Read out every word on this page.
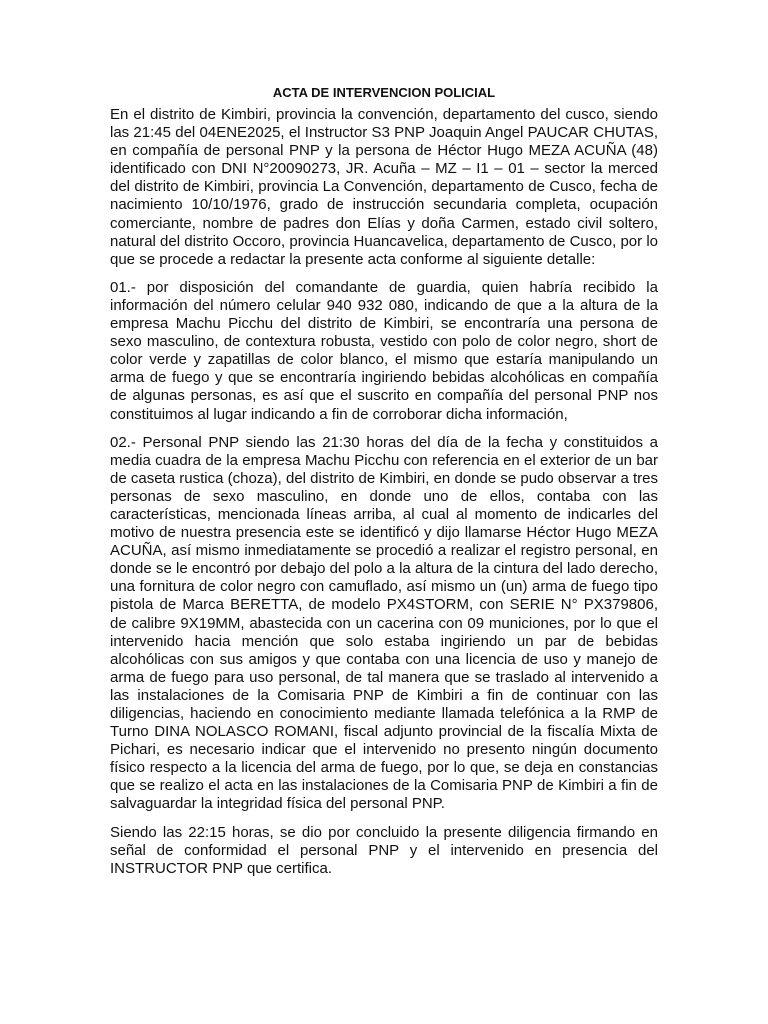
ACTA DE INTERVENCION POLICIAL

En el distrito de Kimbiri, provincia la convención, departamento del cusco, siendo las 21:45 del 04ENE2025, el Instructor S3 PNP Joaquin Angel PAUCAR CHUTAS, en compañía de personal PNP y la persona de Héctor Hugo MEZA ACUÑA (48) identificado con DNI N°20090273, JR. Acuña – MZ – I1 – 01 – sector la merced del distrito de Kimbiri, provincia La Convención, departamento de Cusco, fecha de nacimiento 10/10/1976, grado de instrucción secundaria completa, ocupación comerciante, nombre de padres don Elías y doña Carmen, estado civil soltero, natural del distrito Occoro, provincia Huancavelica, departamento de Cusco, por lo que se procede a redactar la presente acta conforme al siguiente detalle:

01.- por disposición del comandante de guardia, quien habría recibido la información del número celular 940 932 080, indicando de que a la altura de la empresa Machu Picchu del distrito de Kimbiri, se encontraría una persona de sexo masculino, de contextura robusta, vestido con polo de color negro, short de color verde y zapatillas de color blanco, el mismo que estaría manipulando un arma de fuego y que se encontraría ingiriendo bebidas alcohólicas en compañía de algunas personas, es así que el suscrito en compañía del personal PNP nos constituimos al lugar indicando a fin de corroborar dicha información,

02.- Personal PNP siendo las 21:30 horas del día de la fecha y constituidos a media cuadra de la empresa Machu Picchu con referencia en el exterior de un bar de caseta rustica (choza), del distrito de Kimbiri, en donde se pudo observar a tres personas de sexo masculino, en donde uno de ellos, contaba con las características, mencionada líneas arriba, al cual al momento de indicarles del motivo de nuestra presencia este se identificó y dijo llamarse Héctor Hugo MEZA ACUÑA, así mismo inmediatamente se procedió a realizar el registro personal, en donde se le encontró por debajo del polo a la altura de la cintura del lado derecho, una fornitura de color negro con camuflado, así mismo un (un) arma de fuego tipo pistola de Marca BERETTA, de modelo PX4STORM, con SERIE N° PX379806, de calibre 9X19MM, abastecida con un cacerina con 09 municiones, por lo que el intervenido hacia mención que solo estaba ingiriendo un par de bebidas alcohólicas con sus amigos y que contaba con una licencia de uso y manejo de arma de fuego para uso personal, de tal manera que se traslado al intervenido a las instalaciones de la Comisaria PNP de Kimbiri a fin de continuar con las diligencias, haciendo en conocimiento mediante llamada telefónica a la RMP de Turno DINA NOLASCO ROMANI, fiscal adjunto provincial de la fiscalía Mixta de Pichari, es necesario indicar que el intervenido no presento ningún documento físico respecto a la licencia del arma de fuego, por lo que, se deja en constancias que se realizo el acta en las instalaciones de la Comisaria PNP de Kimbiri a fin de salvaguardar la integridad física del personal PNP.

Siendo las 22:15 horas, se dio por concluido la presente diligencia firmando en señal de conformidad el personal PNP y el intervenido en presencia del INSTRUCTOR PNP que certifica.
